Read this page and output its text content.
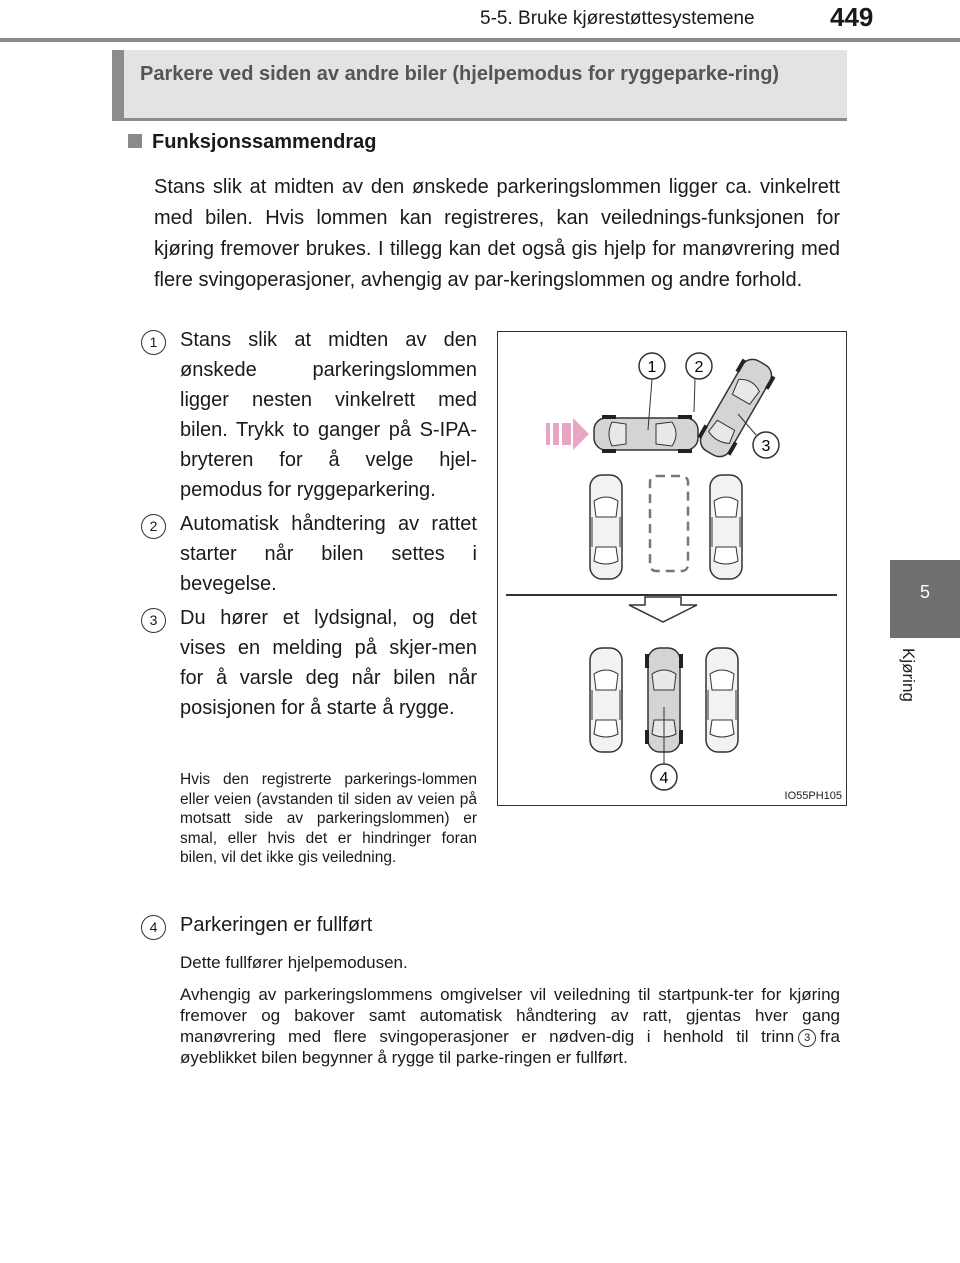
5-5. Bruke kjørestøttesystemene	449
5
Kjøring
Parkere ved siden av andre biler (hjelpemodus for ryggeparke-ring)
Funksjonssammendrag
Stans slik at midten av den ønskede parkeringslommen ligger ca. vinkelrett med bilen. Hvis lommen kan registreres, kan veilednings-funksjonen for kjøring fremover brukes. I tillegg kan det også gis hjelp for manøvrering med flere svingoperasjoner, avhengig av par-keringslommen og andre forhold.
1	Stans slik at midten av den ønskede parkeringslommen ligger nesten vinkelrett med bilen. Trykk to ganger på S-IPA-bryteren for å velge hjel-pemodus for ryggeparkering.
2	Automatisk håndtering av rattet starter når bilen settes i bevegelse.
3	Du hører et lydsignal, og det vises en melding på skjer-men for å varsle deg når bilen når posisjonen for å starte å rygge.
Hvis den registrerte parkerings-lommen eller veien (avstanden til siden av veien på motsatt side av parkeringslommen) er smal, eller hvis det er hindringer foran bilen, vil det ikke gis veiledning.
4	Parkeringen er fullført
Dette fullfører hjelpemodusen.
Avhengig av parkeringslommens omgivelser vil veiledning til startpunk-ter for kjøring fremover og bakover samt automatisk håndtering av ratt, gjentas hver gang manøvrering med flere svingoperasjoner er nødven-dig i henhold til trinn 3 fra øyeblikket bilen begynner å rygge til parke-ringen er fullført.
1 2
3
4
IO55PH105
